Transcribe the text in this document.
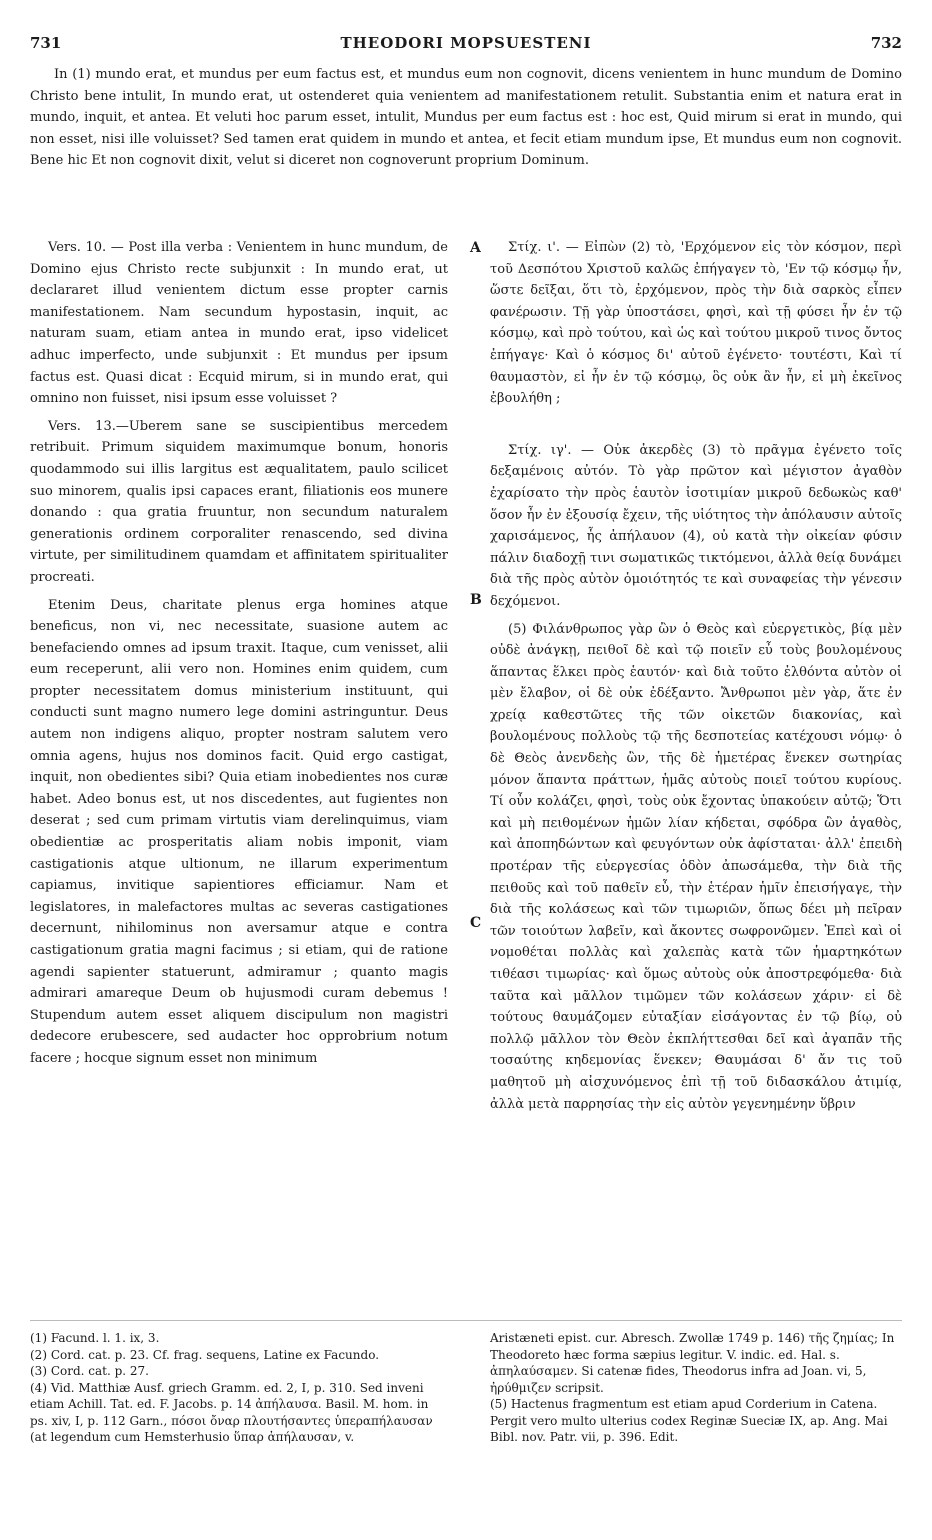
731	THEODORI MOPSUESTENI	732

In (1) mundo erat, et mundus per eum factus est, et mundus eum non cognovit, dicens venientem in hunc mundum de Domino Christo bene intulit, In mundo erat, ut ostenderet quia venientem ad manifestationem retulit. Substantia enim et natura erat in mundo, inquit, et antea. Et veluti hoc parum esset, intulit, Mundus per eum factus est : hoc est, Quid mirum si erat in mundo, qui non esset, nisi ille voluisset? Sed tamen erat quidem in mundo et antea, et fecit etiam mundum ipse, Et mundus eum non cognovit. Bene hic Et non cognovit dixit, velut si diceret non cognoverunt proprium Dominum.

Vers. 10. — Post illa verba : Venientem in hunc mundum, de Domino ejus Christo recte subjunxit : In mundo erat, ut declararet illud venientem dictum esse propter carnis manifestationem. Nam secundum hypostasin, inquit, ac naturam suam, etiam antea in mundo erat, ipso videlicet adhuc imperfecto, unde subjunxit : Et mundus per ipsum factus est. Quasi dicat : Ecquid mirum, si in mundo erat, qui omnino non fuisset, nisi ipsum esse voluisset ?

Vers. 13.—Uberem sane se suscipientibus mercedem retribuit. Primum siquidem maximumque bonum, honoris quodammodo sui illis largitus est æqualitatem, paulo scilicet suo minorem, qualis ipsi capaces erant, filiationis eos munere donando : qua gratia fruuntur, non secundum naturalem generationis ordinem corporaliter renascendo, sed divina virtute, per similitudinem quamdam et affinitatem spiritualiter procreati.

Etenim Deus, charitate plenus erga homines atque beneficus, non vi, nec necessitate, suasione autem ac benefaciendo omnes ad ipsum traxit. Itaque, cum venisset, alii eum receperunt, alii vero non. Homines enim quidem, cum propter necessitatem domus ministerium instituunt, qui conducti sunt magno numero lege domini astringuntur. Deus autem non indigens aliquo, propter nostram salutem vero omnia agens, hujus nos dominos facit. Quid ergo castigat, inquit, non obedientes sibi? Quia etiam inobedientes nos curæ habet. Adeo bonus est, ut nos discedentes, aut fugientes non deserat ; sed cum primam virtutis viam derelinquimus, viam obedientiæ ac prosperitatis aliam nobis imponit, viam castigationis atque ultionum, ne illarum experimentum capiamus, invitique sapientiores efficiamur. Nam et legislatores, in malefactores multas ac severas castigationes decernunt, nihilominus non aversamur atque e contra castigationum gratia magni facimus ; si etiam, qui de ratione agendi sapienter statuerunt, admiramur ; quanto magis admirari amareque Deum ob hujusmodi curam debemus ! Stupendum autem esset aliquem discipulum non magistri dedecore erubescere, sed audacter hoc opprobrium notum facere ; hocque signum esset non minimum

A
B
C

Στίχ. ι'. — Εἰπὼν (2) τὸ, 'Ερχόμενον εἰς τὸν κόσμον, περὶ τοῦ Δεσπότου Χριστοῦ καλῶς ἐπήγαγεν τὸ, 'Εν τῷ κόσμῳ ἦν, ὥστε δεῖξαι, ὅτι τὸ, ἐρχόμενον, πρὸς τὴν διὰ σαρκὸς εἶπεν φανέρωσιν. Τῇ γὰρ ὑποστάσει, φησὶ, καὶ τῇ φύσει ἦν ἐν τῷ κόσμῳ, καὶ πρὸ τούτου, καὶ ὡς καὶ τούτου μικροῦ τινος ὄντος ἐπήγαγε· Καὶ ὁ κόσμος δι' αὐτοῦ ἐγένετο· τουτέστι, Καὶ τί θαυμαστὸν, εἰ ἦν ἐν τῷ κόσμῳ, ὃς οὐκ ἂν ἦν, εἰ μὴ ἐκεῖνος ἐβουλήθη ;

Στίχ. ιγ'. — Οὐκ ἀκερδὲς (3) τὸ πρᾶγμα ἐγένετο τοῖς δεξαμένοις αὐτόν. Τὸ γὰρ πρῶτον καὶ μέγιστον ἀγαθὸν ἐχαρίσατο τὴν πρὸς ἑαυτὸν ἰσοτιμίαν μικροῦ δεδωκὼς καθ' ὅσον ἦν ἐν ἐξουσίᾳ ἔχειν, τῆς υἱότητος τὴν ἀπόλαυσιν αὐτοῖς χαρισάμενος, ἧς ἀπήλαυον (4), οὐ κατὰ τὴν οἰκείαν φύσιν πάλιν διαδοχῇ τινι σωματικῶς τικτόμενοι, ἀλλὰ θείᾳ δυνάμει διὰ τῆς πρὸς αὐτὸν ὁμοιότητός τε καὶ συναφείας τὴν γένεσιν δεχόμενοι.

(5) Φιλάνθρωπος γὰρ ὢν ὁ Θεὸς καὶ εὐεργετικὸς, βίᾳ μὲν οὐδὲ ἀνάγκῃ, πειθοῖ δὲ καὶ τῷ ποιεῖν εὖ τοὺς βουλομένους ἅπαντας ἕλκει πρὸς ἑαυτόν· καὶ διὰ τοῦτο ἐλθόντα αὐτὸν οἱ μὲν ἔλαβον, οἱ δὲ οὐκ ἐδέξαντο. Ἄνθρωποι μὲν γὰρ, ἅτε ἐν χρείᾳ καθεστῶτες τῆς τῶν οἰκετῶν διακονίας, καὶ βουλομένους πολλοὺς τῷ τῆς δεσποτείας κατέχουσι νόμῳ· ὁ δὲ Θεὸς ἀνενδεὴς ὢν, τῆς δὲ ἡμετέρας ἕνεκεν σωτηρίας μόνον ἅπαντα πράττων, ἡμᾶς αὐτοὺς ποιεῖ τούτου κυρίους. Τί οὖν κολάζει, φησὶ, τοὺς οὐκ ἔχοντας ὑπακούειν αὐτῷ; Ὅτι καὶ μὴ πειθομένων ἡμῶν λίαν κήδεται, σφόδρα ὢν ἀγαθὸς, καὶ ἀποπηδώντων καὶ φευγόντων οὐκ ἀφίσταται· ἀλλ' ἐπειδὴ προτέραν τῆς εὐεργεσίας ὁδὸν ἀπωσάμεθα, τὴν διὰ τῆς πειθοῦς καὶ τοῦ παθεῖν εὖ, τὴν ἑτέραν ἡμῖν ἐπεισήγαγε, τὴν διὰ τῆς κολάσεως καὶ τῶν τιμωριῶν, ὅπως δέει μὴ πεῖραν τῶν τοιούτων λαβεῖν, καὶ ἄκοντες σωφρονῶμεν. Ἐπεὶ καὶ οἱ νομοθέται πολλὰς καὶ χαλεπὰς κατὰ τῶν ἡμαρτηκότων τιθέασι τιμωρίας· καὶ ὅμως αὐτοὺς οὐκ ἀποστρεφόμεθα· διὰ ταῦτα καὶ μᾶλλον τιμῶμεν τῶν κολάσεων χάριν· εἰ δὲ τούτους θαυμάζομεν εὐταξίαν εἰσάγοντας ἐν τῷ βίῳ, οὐ πολλῷ μᾶλλον τὸν Θεὸν ἐκπλήττεσθαι δεῖ καὶ ἀγαπᾶν τῆς τοσαύτης κηδεμονίας ἕνεκεν; Θαυμάσαι δ' ἄν τις τοῦ μαθητοῦ μὴ αἰσχυνόμενος ἐπὶ τῇ τοῦ διδασκάλου ἀτιμίᾳ, ἀλλὰ μετὰ παρρησίας τὴν εἰς αὐτὸν γεγενημένην ὕβριν

(1) Facund. l. 1. ix, 3.
(2) Cord. cat. p. 23. Cf. frag. sequens, Latine ex Facundo.
(3) Cord. cat. p. 27.
(4) Vid. Matthiæ Ausf. griech Gramm. ed. 2, I, p. 310. Sed inveni etiam Achill. Tat. ed. F. Jacobs. p. 14 ἀπήλαυσα. Basil. M. hom. in ps. xiv, I, p. 112 Garn., πόσοι ὄναρ πλουτήσαντες ὑπεραπήλαυσαν (at legendum cum Hemsterhusio ὕπαρ ἀπήλαυσαν, v.
Aristæneti epist. cur. Abresch. Zwollæ 1749 p. 146) τῆς ζημίας; In Theodoreto hæc forma sæpius legitur. V. indic. ed. Hal. s. ἀπηλαύσαμεν. Si catenæ fides, Theodorus infra ad Joan. vi, 5, ἠρύθμιζεν scripsit.
(5) Hactenus fragmentum est etiam apud Corderium in Catena. Pergit vero multo ulterius codex Reginæ Sueciæ IX, ap. Ang. Mai Bibl. nov. Patr. vii, p. 396. Edit.
